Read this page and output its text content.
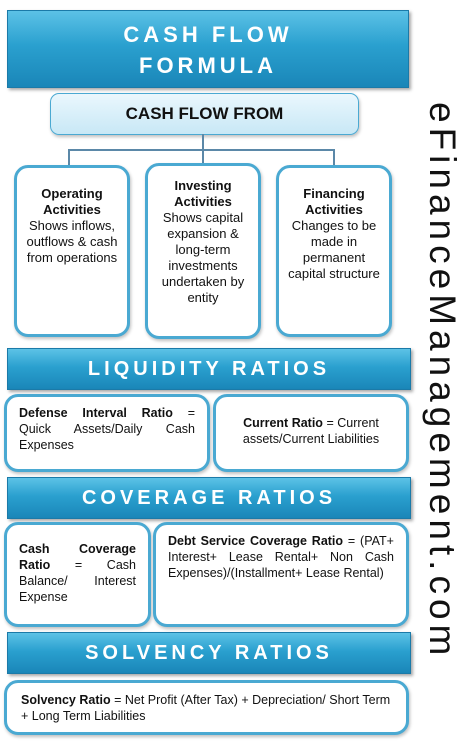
CASH FLOW
FORMULA
CASH FLOW FROM
Operating Activities
Shows inflows, outflows & cash from operations
Investing Activities
Shows capital expansion & long-term investments undertaken by entity
Financing Activities
Changes to be made in permanent capital structure
LIQUIDITY RATIOS
Defense Interval Ratio = Quick Assets/Daily Cash Expenses
Current Ratio = Current assets/Current Liabilities
COVERAGE RATIOS
Cash Coverage Ratio = Cash Balance/ Interest Expense
Debt Service Coverage Ratio = (PAT+ Interest+ Lease Rental+ Non Cash Expenses)/(Installment+ Lease Rental)
SOLVENCY RATIOS
Solvency Ratio = Net Profit (After Tax) + Depreciation/ Short Term + Long Term Liabilities
eFinanceManagement.com
